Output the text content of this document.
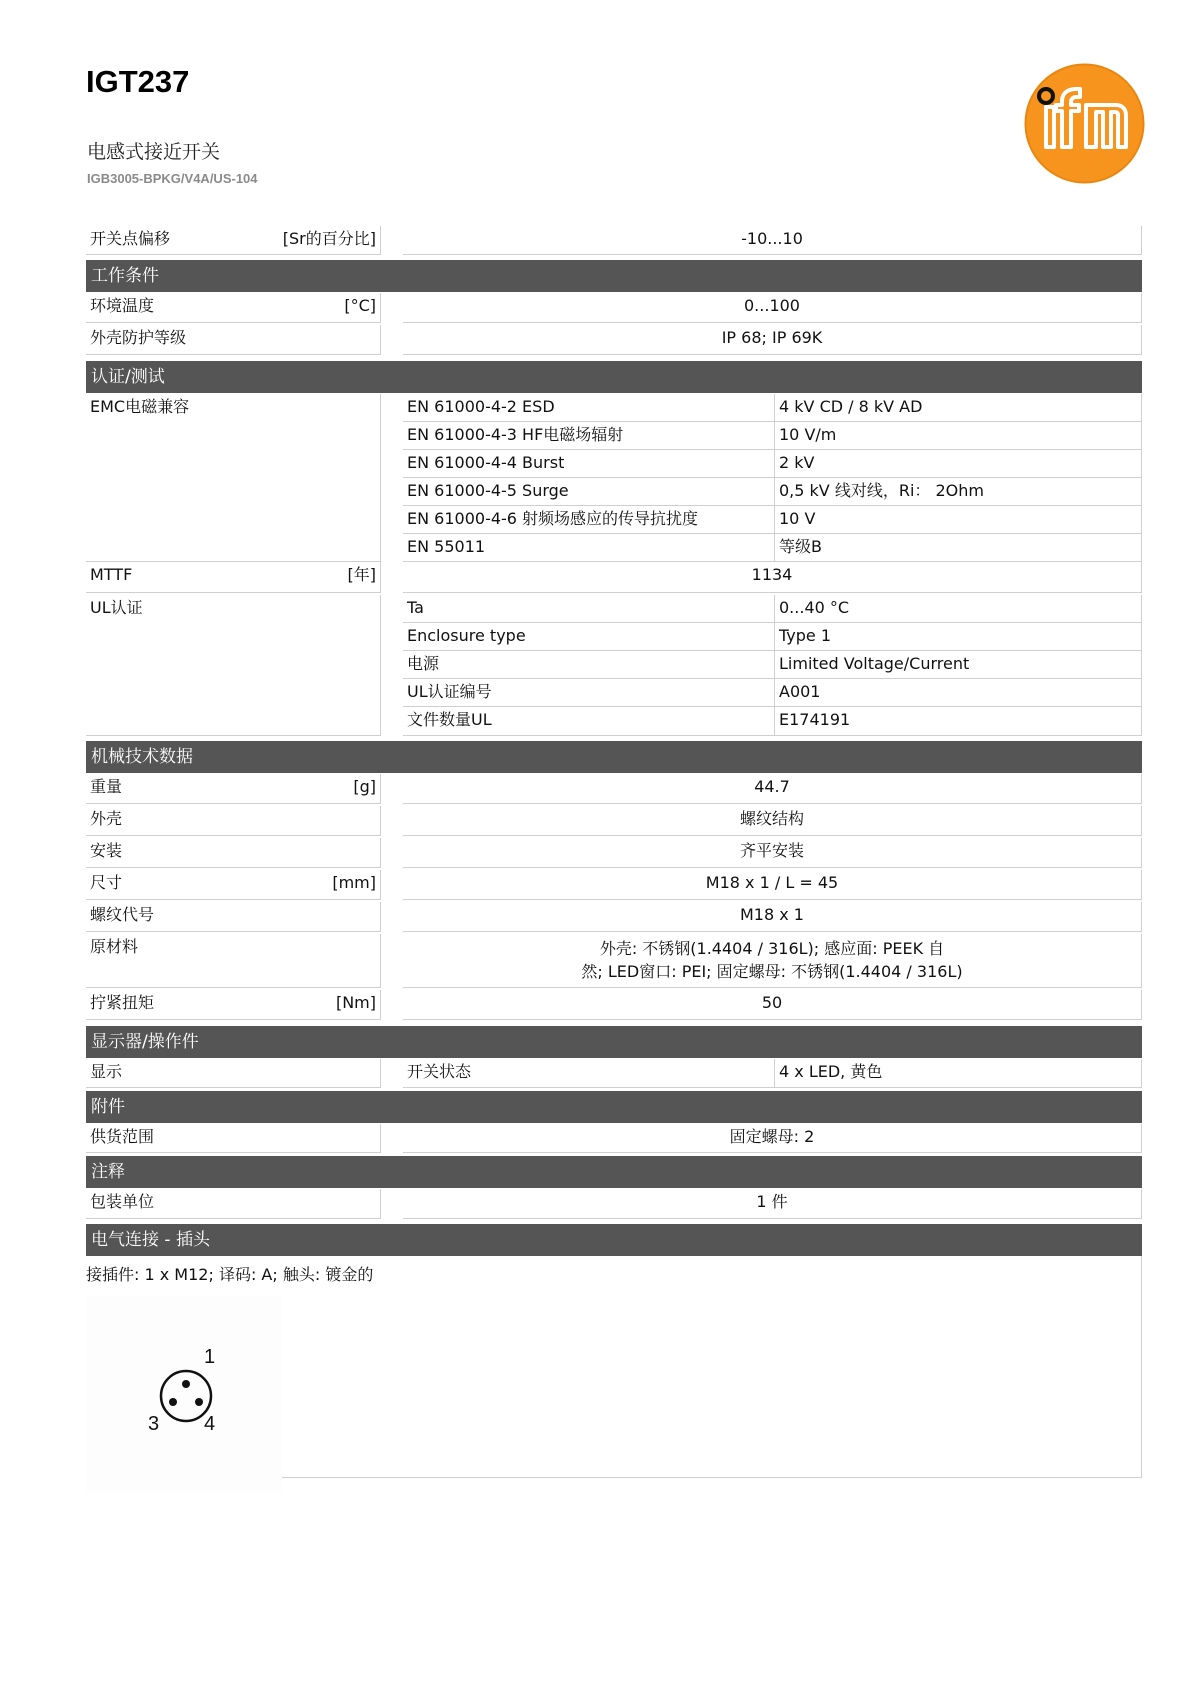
IGT237
电感式接近开关
IGB3005-BPKG/V4A/US-104
开关点偏移	[Sr的百分比]	-10...10
工作条件
环境温度	[°C]	0...100
外壳防护等级	IP 68; IP 69K
认证/测试
EMC电磁兼容	EN 61000-4-2 ESD	4 kV CD / 8 kV AD
EN 61000-4-3 HF电磁场辐射	10 V/m
EN 61000-4-4 Burst	2 kV
EN 61000-4-5 Surge	0,5 kV 线对线，Ri： 2Ohm
EN 61000-4-6 射频场感应的传导抗扰度	10 V
EN 55011	等级B
MTTF	[年]	1134
UL认证	Ta	0...40 °C
Enclosure type	Type 1
电源	Limited Voltage/Current
UL认证编号	A001
文件数量UL	E174191
机械技术数据
重量	[g]	44.7
外壳	螺纹结构
安装	齐平安装
尺寸	[mm]	M18 x 1 / L = 45
螺纹代号	M18 x 1
原材料	外壳: 不锈钢(1.4404 / 316L); 感应面: PEEK 自
然; LED窗口: PEI; 固定螺母: 不锈钢(1.4404 / 316L)
拧紧扭矩	[Nm]	50
显示器/操作件
显示	开关状态	4 x LED, 黄色
附件
供货范围	固定螺母: 2
注释
包装单位	1 件
电气连接 - 插头
接插件: 1 x M12; 译码: A; 触头: 镀金的
1
3 4
